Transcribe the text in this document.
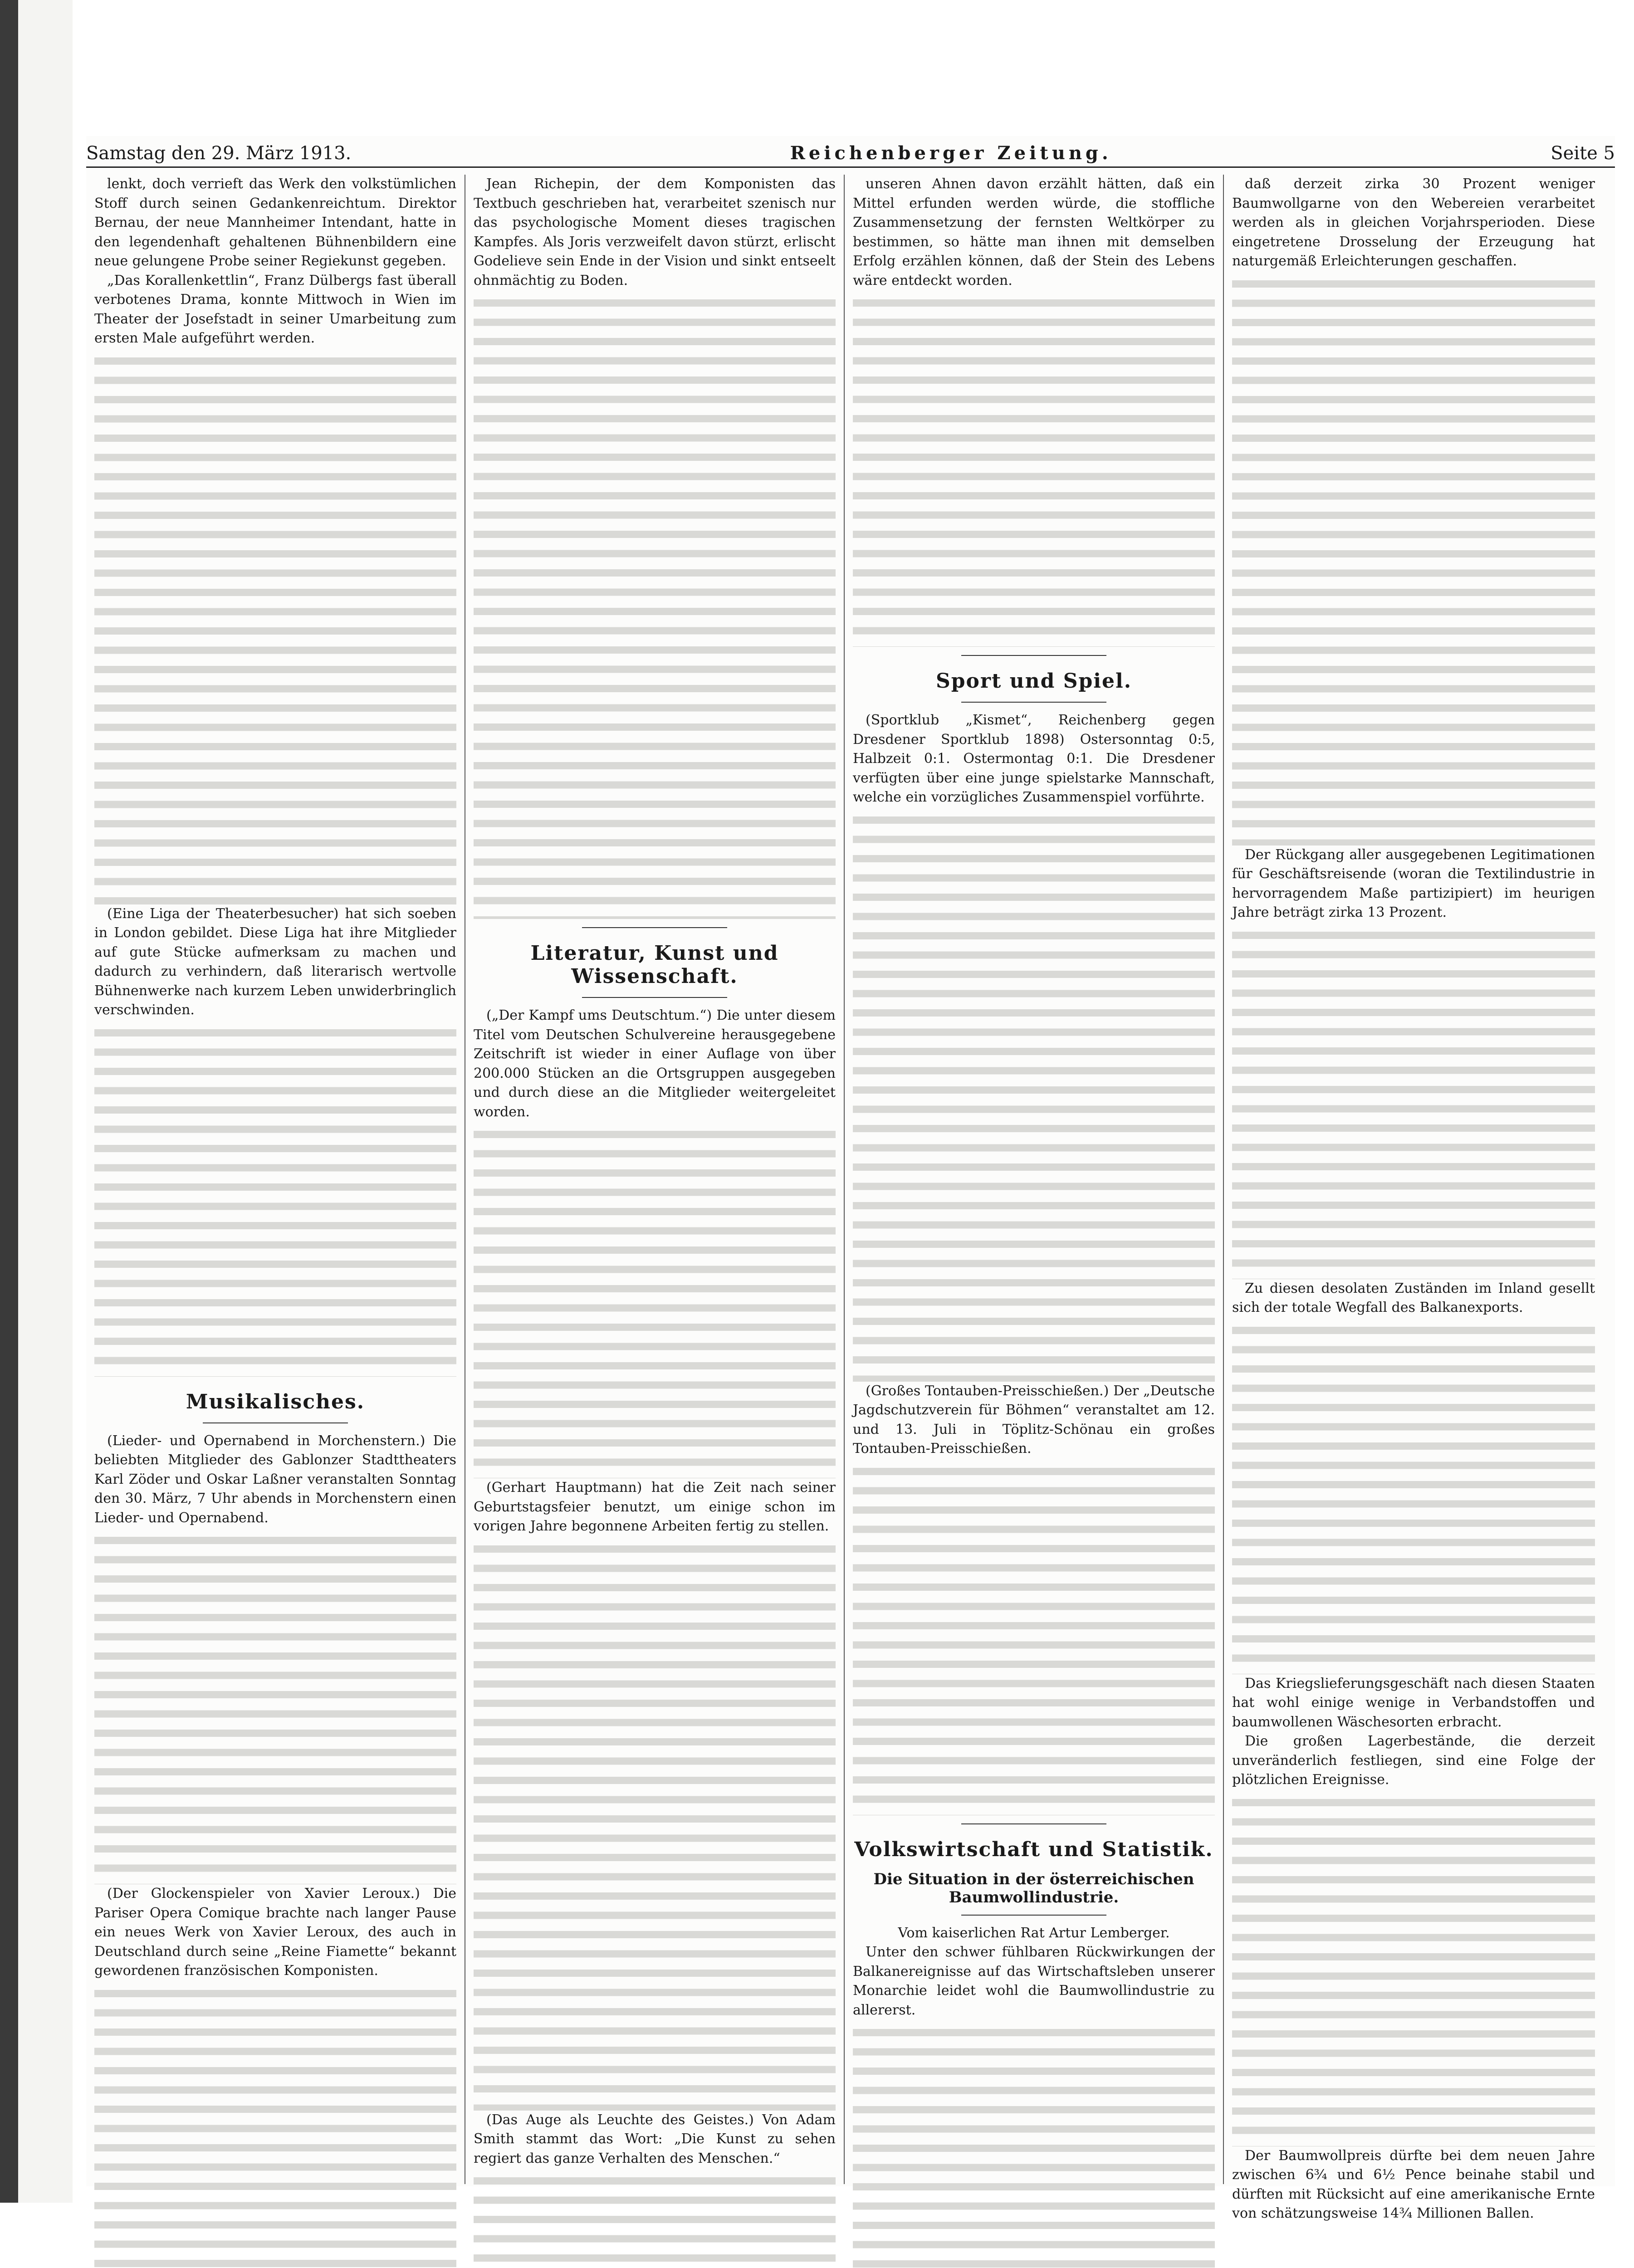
Samstag den 29. März 1913.	Reichenberger Zeitung.	Seite 5

lenkt, doch verrieft das Werk den volkstümlichen Stoff durch seinen Gedankenreichtum. Direktor Bernau, der neue Mannheimer Intendant, hatte in den legendenhaft gehaltenen Bühnenbildern eine neue gelungene Probe seiner Regiekunst gegeben.

„Das Korallenkettlin“, Franz Dülbergs fast überall verbotenes Drama, konnte Mittwoch in Wien im Theater der Josefstadt in seiner Umarbeitung zum ersten Male aufgeführt werden.

(Eine Liga der Theaterbesucher) hat sich soeben in London gebildet. Diese Liga hat ihre Mitglieder auf gute Stücke aufmerksam zu machen und dadurch zu verhindern, daß literarisch wertvolle Bühnenwerke nach kurzem Leben unwiderbringlich verschwinden.

Musikalisches.

(Lieder- und Opernabend in Morchenstern.) Die beliebten Mitglieder des Gablonzer Stadttheaters Karl Zöder und Oskar Laßner veranstalten Sonntag den 30. März, 7 Uhr abends in Morchenstern einen Lieder- und Opernabend.

(Der Glockenspieler von Xavier Leroux.) Die Pariser Opera Comique brachte nach langer Pause ein neues Werk von Xavier Leroux, des auch in Deutschland durch seine „Reine Fiamette“ bekannt gewordenen französischen Komponisten.

Jean Richepin, der dem Komponisten das Textbuch geschrieben hat, verarbeitet szenisch nur das psychologische Moment dieses tragischen Kampfes. Als Joris verzweifelt davon stürzt, erlischt Godelieve sein Ende in der Vision und sinkt entseelt ohnmächtig zu Boden.

Literatur, Kunst und Wissenschaft.

(„Der Kampf ums Deutschtum.“) Die unter diesem Titel vom Deutschen Schulvereine herausgegebene Zeitschrift ist wieder in einer Auflage von über 200.000 Stücken an die Ortsgruppen ausgegeben und durch diese an die Mitglieder weitergeleitet worden.

(Gerhart Hauptmann) hat die Zeit nach seiner Geburtstagsfeier benutzt, um einige schon im vorigen Jahre begonnene Arbeiten fertig zu stellen.

(Das Auge als Leuchte des Geistes.) Von Adam Smith stammt das Wort: „Die Kunst zu sehen regiert das ganze Verhalten des Menschen.“

unseren Ahnen davon erzählt hätten, daß ein Mittel erfunden werden würde, die stoffliche Zusammensetzung der fernsten Weltkörper zu bestimmen, so hätte man ihnen mit demselben Erfolg erzählen können, daß der Stein des Lebens wäre entdeckt worden.

Sport und Spiel.

(Sportklub „Kismet“, Reichenberg gegen Dresdener Sportklub 1898) Ostersonntag 0:5, Halbzeit 0:1. Ostermontag 0:1. Die Dresdener verfügten über eine junge spielstarke Mannschaft, welche ein vorzügliches Zusammenspiel vorführte.

(Großes Tontauben-Preisschießen.) Der „Deutsche Jagdschutzverein für Böhmen“ veranstaltet am 12. und 13. Juli in Töplitz-Schönau ein großes Tontauben-Preisschießen.

Volkswirtschaft und Statistik.
Die Situation in der österreichischen Baumwollindustrie.

Vom kaiserlichen Rat Artur Lemberger.

Unter den schwer fühlbaren Rückwirkungen der Balkanereignisse auf das Wirtschaftsleben unserer Monarchie leidet wohl die Baumwollindustrie zu allererst.

daß derzeit zirka 30 Prozent weniger Baumwollgarne von den Webereien verarbeitet werden als in gleichen Vorjahrsperioden. Diese eingetretene Drosselung der Erzeugung hat naturgemäß Erleichterungen geschaffen.

Der Rückgang aller ausgegebenen Legitimationen für Geschäftsreisende (woran die Textilindustrie in hervorragendem Maße partizipiert) im heurigen Jahre beträgt zirka 13 Prozent.

Zu diesen desolaten Zuständen im Inland gesellt sich der totale Wegfall des Balkanexports.

Das Kriegslieferungsgeschäft nach diesen Staaten hat wohl einige wenige in Verbandstoffen und baumwollenen Wäschesorten erbracht.

Die großen Lagerbestände, die derzeit unveränderlich festliegen, sind eine Folge der plötzlichen Ereignisse.

Der Baumwollpreis dürfte bei dem neuen Jahre zwischen 6¾ und 6½ Pence beinahe stabil und dürften mit Rücksicht auf eine amerikanische Ernte von schätzungsweise 14¾ Millionen Ballen.
